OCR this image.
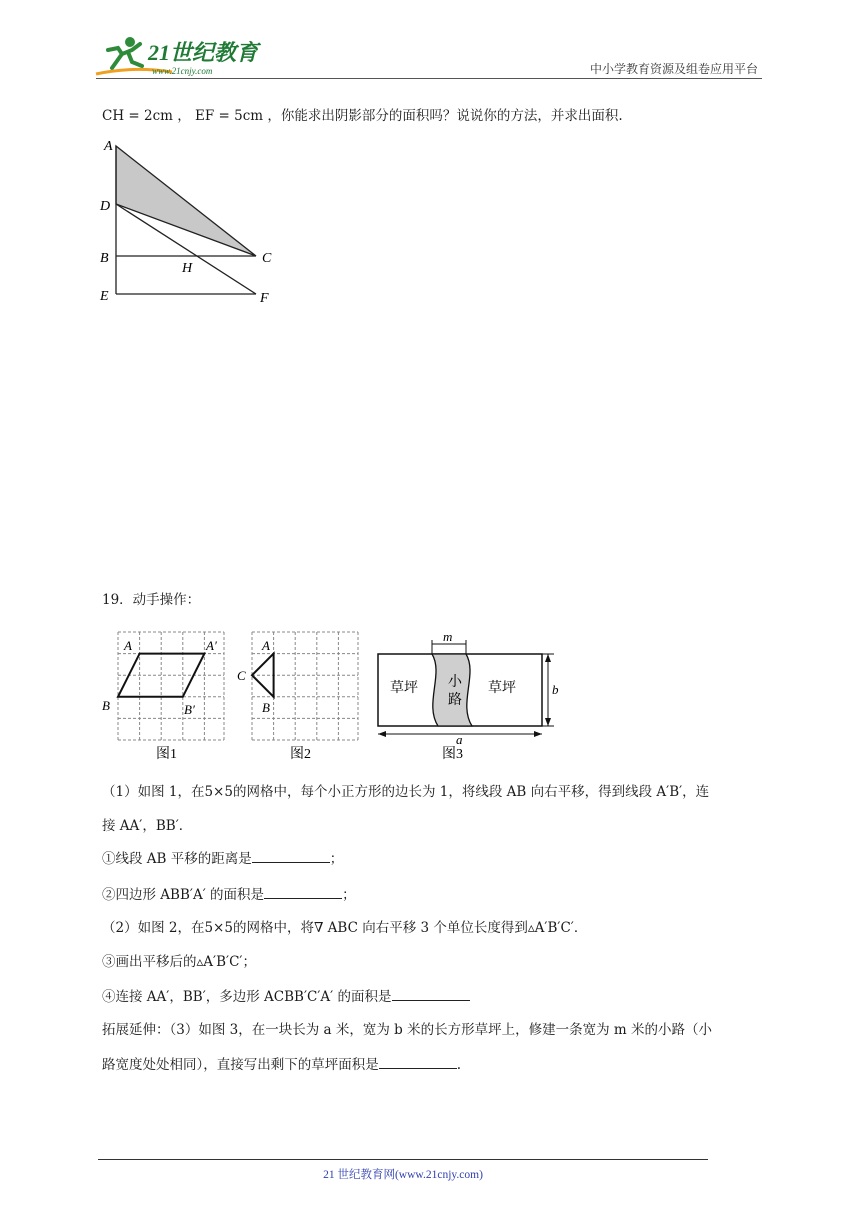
21世纪教育
www.21cnjy.com	中小学教育资源及组卷应用平台
CH = 2cm ， EF = 5cm ，你能求出阴影部分的面积吗？说说你的方法，并求出面积.
A
D
B
E
H
C
F
19．动手操作：
A	A′
B	B′
图1
A
C
B
图2
m
b
a
草坪	草坪
小
路
图3
（1）如图 1，在5×5的网格中，每个小正方形的边长为 1，将线段 AB 向右平移，得到线段 A′B′，连
接 AA′，BB′．
①线段 AB 平移的距离是	；
②四边形 ABB′A′ 的面积是	；
（2）如图 2，在5×5的网格中，将∇ ABC 向右平移 3 个单位长度得到▵A′B′C′．
③画出平移后的▵A′B′C′；
④连接 AA′，BB′，多边形 ACBB′C′A′ 的面积是
拓展延伸：（3）如图 3，在一块长为 a 米，宽为 b 米的长方形草坪上，修建一条宽为 m 米的小路（小
路宽度处处相同），直接写出剩下的草坪面积是	.
21 世纪教育网(www.21cnjy.com)
